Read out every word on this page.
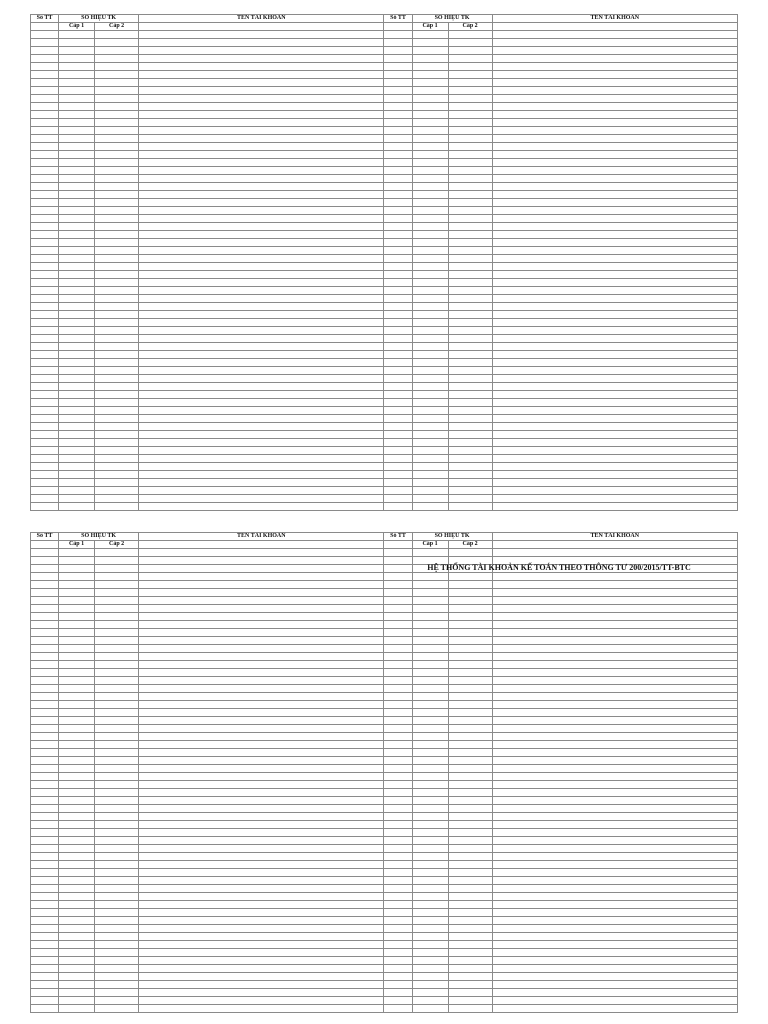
Số TT	SỐ HIỆU TK		TÊN TÀI KHOẢN	Số TT	SỐ HIỆU TK		TÊN TÀI KHOẢN
	Cấp 1	Cấp 2			Cấp 1	Cấp 2	

Số TT	SỐ HIỆU TK		TÊN TÀI KHOẢN	Số TT	SỐ HIỆU TK		TÊN TÀI KHOẢN
	Cấp 1	Cấp 2			Cấp 1	Cấp 2	

HỆ THỐNG TÀI KHOẢN KẾ TOÁN THEO THÔNG TƯ 200/2015/TT-BTC
